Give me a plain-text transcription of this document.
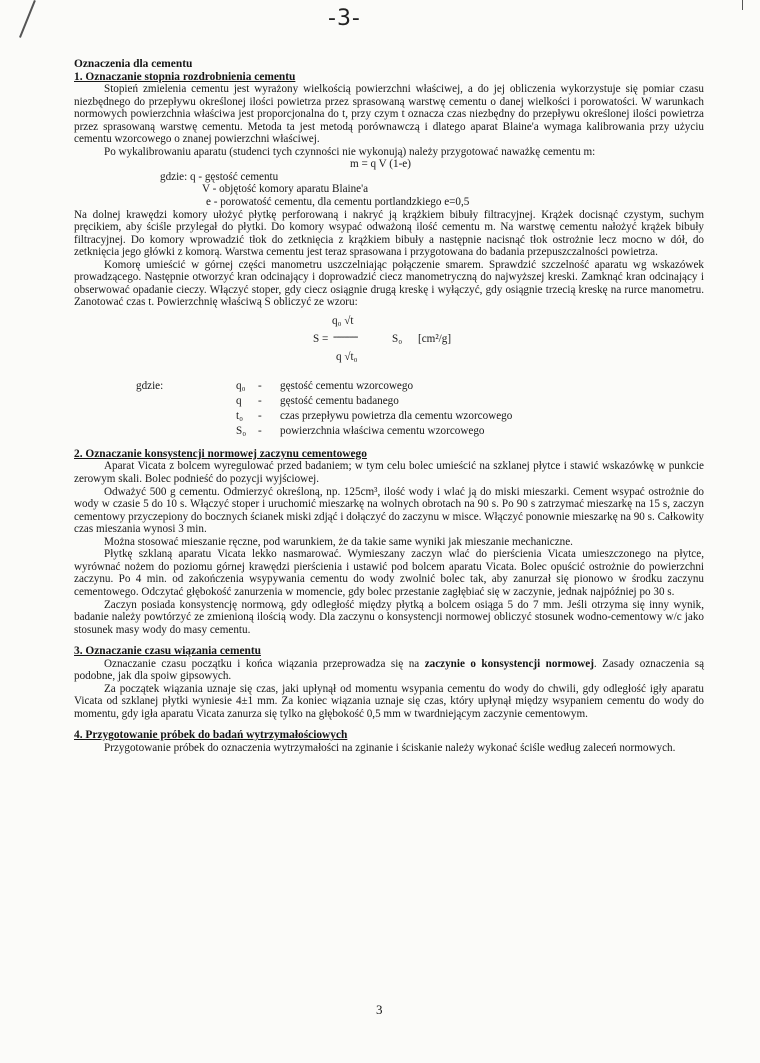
-3-

Oznaczenia dla cementu

1. Oznaczanie stopnia rozdrobnienia cementu

Stopień zmielenia cementu jest wyrażony wielkością powierzchni właściwej, a do jej obliczenia wykorzystuje się pomiar czasu niezbędnego do przepływu określonej ilości powietrza przez sprasowaną warstwę cementu o danej wielkości i porowatości. W warunkach normowych powierzchnia właściwa jest proporcjonalna do t, przy czym t oznacza czas niezbędny do przepływu określonej ilości powietrza przez sprasowaną warstwę cementu. Metoda ta jest metodą porównawczą i dlatego aparat Blaine'a wymaga kalibrowania przy użyciu cementu wzorcowego o znanej powierzchni właściwej.

Po wykalibrowaniu aparatu (studenci tych czynności nie wykonują) należy przygotować naważkę cementu m:

m = q V (1-e)

gdzie: q - gęstość cementu
V - objętość komory aparatu Blaine'a
e - porowatość cementu, dla cementu portlandzkiego e=0,5

Na dolnej krawędzi komory ułożyć płytkę perforowaną i nakryć ją krążkiem bibuły filtracyjnej. Krążek docisnąć czystym, suchym pręcikiem, aby ściśle przylegał do płytki. Do komory wsypać odważoną ilość cementu m. Na warstwę cementu nałożyć krążek bibuły filtracyjnej. Do komory wprowadzić tłok do zetknięcia z krążkiem bibuły a następnie nacisnąć tłok ostrożnie lecz mocno w dół, do zetknięcia jego główki z komorą. Warstwa cementu jest teraz sprasowana i przygotowana do badania przepuszczalności powietrza.

Komorę umieścić w górnej części manometru uszczelniając połączenie smarem. Sprawdzić szczelność aparatu wg wskazówek prowadzącego. Następnie otworzyć kran odcinający i doprowadzić ciecz manometryczną do najwyższej kreski. Zamknąć kran odcinający i obserwować opadanie cieczy. Włączyć stoper, gdy ciecz osiągnie drugą kreskę i wyłączyć, gdy osiągnie trzecią kreskę na rurce manometru. Zanotować czas t. Powierzchnię właściwą S obliczyć ze wzoru:

q₀ √t
S = ---------	S₀ [cm²/g]
q √t₀
gdzie:	q₀	-	gęstość cementu wzorcowego
q	-	gęstość cementu badanego
t₀	-	czas przepływu powietrza dla cementu wzorcowego
S₀	-	powierzchnia właściwa cementu wzorcowego

2. Oznaczanie konsystencji normowej zaczynu cementowego

Aparat Vicata z bolcem wyregulować przed badaniem; w tym celu bolec umieścić na szklanej płytce i stawić wskazówkę w punkcie zerowym skali. Bolec podnieść do pozycji wyjściowej.

Odważyć 500 g cementu. Odmierzyć określoną, np. 125cm³, ilość wody i wlać ją do miski mieszarki. Cement wsypać ostrożnie do wody w czasie 5 do 10 s. Włączyć stoper i uruchomić mieszarkę na wolnych obrotach na 90 s. Po 90 s zatrzymać mieszarkę na 15 s, zaczyn cementowy przyczepiony do bocznych ścianek miski zdjąć i dołączyć do zaczynu w misce. Włączyć ponownie mieszarkę na 90 s. Całkowity czas mieszania wynosi 3 min.

Można stosować mieszanie ręczne, pod warunkiem, że da takie same wyniki jak mieszanie mechaniczne.

Płytkę szklaną aparatu Vicata lekko nasmarować. Wymieszany zaczyn wlać do pierścienia Vicata umieszczonego na płytce, wyrównać nożem do poziomu górnej krawędzi pierścienia i ustawić pod bolcem aparatu Vicata. Bolec opuścić ostrożnie do powierzchni zaczynu. Po 4 min. od zakończenia wsypywania cementu do wody zwolnić bolec tak, aby zanurzał się pionowo w środku zaczynu cementowego. Odczytać głębokość zanurzenia w momencie, gdy bolec przestanie zagłębiać się w zaczynie, jednak najpóźniej po 30 s.

Zaczyn posiada konsystencję normową, gdy odległość między płytką a bolcem osiąga 5 do 7 mm. Jeśli otrzyma się inny wynik, badanie należy powtórzyć ze zmienioną ilością wody. Dla zaczynu o konsystencji normowej obliczyć stosunek wodno-cementowy w/c jako stosunek masy wody do masy cementu.

3. Oznaczanie czasu wiązania cementu

Oznaczanie czasu początku i końca wiązania przeprowadza się na zaczynie o konsystencji normowej. Zasady oznaczenia są podobne, jak dla spoiw gipsowych.

Za początek wiązania uznaje się czas, jaki upłynął od momentu wsypania cementu do wody do chwili, gdy odległość igły aparatu Vicata od szklanej płytki wyniesie 4±1 mm. Za koniec wiązania uznaje się czas, który upłynął między wsypaniem cementu do wody do momentu, gdy igła aparatu Vicata zanurza się tylko na głębokość 0,5 mm w twardniejącym zaczynie cementowym.

4. Przygotowanie próbek do badań wytrzymałościowych

Przygotowanie próbek do oznaczenia wytrzymałości na zginanie i ściskanie należy wykonać ściśle według zaleceń normowych.

3
